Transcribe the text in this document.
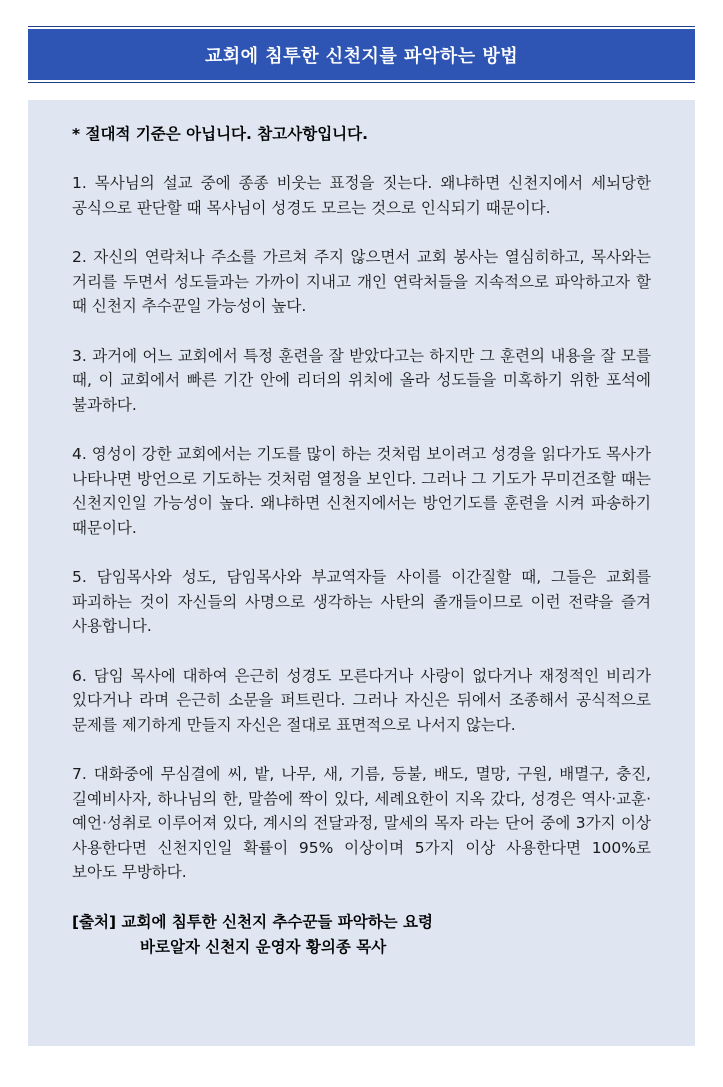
교회에 침투한 신천지를 파악하는 방법
* 절대적 기준은 아닙니다. 참고사항입니다.

1. 목사님의 설교 중에 종종 비웃는 표정을 짓는다. 왜냐하면 신천지에서 세뇌당한 공식으로 판단할 때 목사님이 성경도 모르는 것으로 인식되기 때문이다.

2. 자신의 연락처나 주소를 가르쳐 주지 않으면서 교회 봉사는 열심히하고, 목사와는 거리를 두면서 성도들과는 가까이 지내고 개인 연락처들을 지속적으로 파악하고자 할 때 신천지 추수꾼일 가능성이 높다.

3. 과거에 어느 교회에서 특정 훈련을 잘 받았다고는 하지만 그 훈련의 내용을 잘 모를 때, 이 교회에서 빠른 기간 안에 리더의 위치에 올라 성도들을 미혹하기 위한 포석에 불과하다.

4. 영성이 강한 교회에서는 기도를 많이 하는 것처럼 보이려고 성경을 읽다가도 목사가 나타나면 방언으로 기도하는 것처럼 열정을 보인다. 그러나 그 기도가 무미건조할 때는 신천지인일 가능성이 높다. 왜냐하면 신천지에서는 방언기도를 훈련을 시켜 파송하기 때문이다.

5. 담임목사와 성도, 담임목사와 부교역자들 사이를 이간질할 때, 그들은 교회를 파괴하는 것이 자신들의 사명으로 생각하는 사탄의 졸개들이므로 이런 전략을 즐겨 사용합니다.

6. 담임 목사에 대하여 은근히 성경도 모른다거나 사랑이 없다거나 재정적인 비리가 있다거나 라며 은근히 소문을 퍼트린다. 그러나 자신은 뒤에서 조종해서 공식적으로 문제를 제기하게 만들지 자신은 절대로 표면적으로 나서지 않는다.

7. 대화중에 무심결에 씨, 밭, 나무, 새, 기름, 등불, 배도, 멸망, 구원, 배멸구, 충진, 길예비사자, 하나님의 한, 말씀에 짝이 있다, 세례요한이 지옥 갔다, 성경은 역사·교훈·예언·성취로 이루어져 있다, 계시의 전달과정, 말세의 목자 라는 단어 중에 3가지 이상 사용한다면 신천지인일 확률이 95% 이상이며 5가지 이상 사용한다면 100%로 보아도 무방하다.

[출처] 교회에 침투한 신천지 추수꾼들 파악하는 요령
바로알자 신천지 운영자 황의종 목사
